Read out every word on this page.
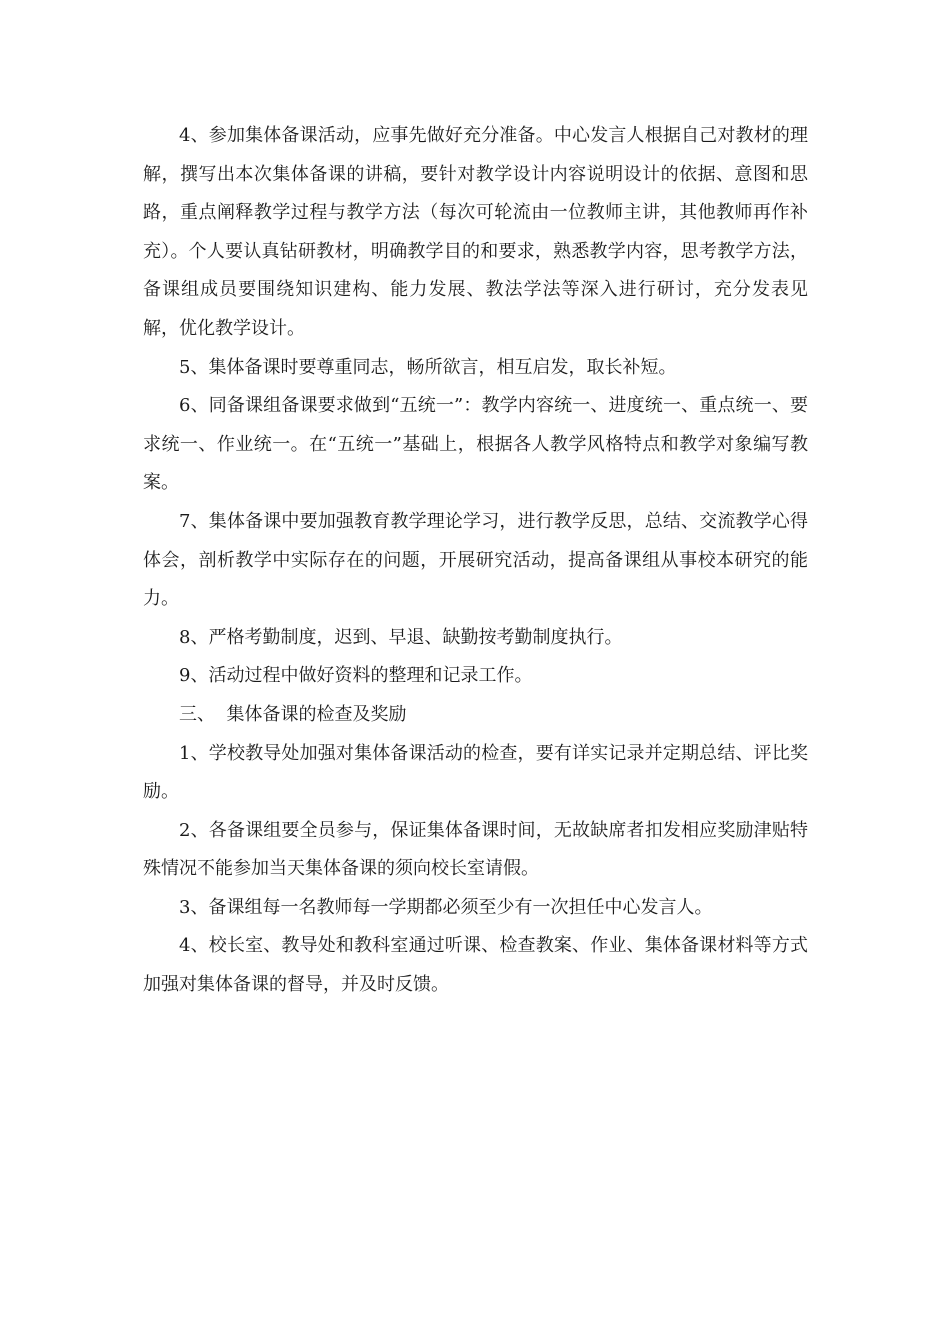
4、参加集体备课活动，应事先做好充分准备。中心发言人根据自己对教材的理解，撰写出本次集体备课的讲稿，要针对教学设计内容说明设计的依据、意图和思路，重点阐释教学过程与教学方法（每次可轮流由一位教师主讲，其他教师再作补充）。个人要认真钻研教材，明确教学目的和要求，熟悉教学内容，思考教学方法，备课组成员要围绕知识建构、能力发展、教法学法等深入进行研讨，充分发表见解，优化教学设计。

5、集体备课时要尊重同志，畅所欲言，相互启发，取长补短。

6、同备课组备课要求做到“五统一”：教学内容统一、进度统一、重点统一、要求统一、作业统一。在“五统一”基础上，根据各人教学风格特点和教学对象编写教案。

7、集体备课中要加强教育教学理论学习，进行教学反思，总结、交流教学心得体会，剖析教学中实际存在的问题，开展研究活动，提高备课组从事校本研究的能力。

8、严格考勤制度，迟到、早退、缺勤按考勤制度执行。

9、活动过程中做好资料的整理和记录工作。

三、  集体备课的检查及奖励

1、学校教导处加强对集体备课活动的检查，要有详实记录并定期总结、评比奖励。

2、各备课组要全员参与，保证集体备课时间，无故缺席者扣发相应奖励津贴特殊情况不能参加当天集体备课的须向校长室请假。

3、备课组每一名教师每一学期都必须至少有一次担任中心发言人。

4、校长室、教导处和教科室通过听课、检查教案、作业、集体备课材料等方式加强对集体备课的督导，并及时反馈。
